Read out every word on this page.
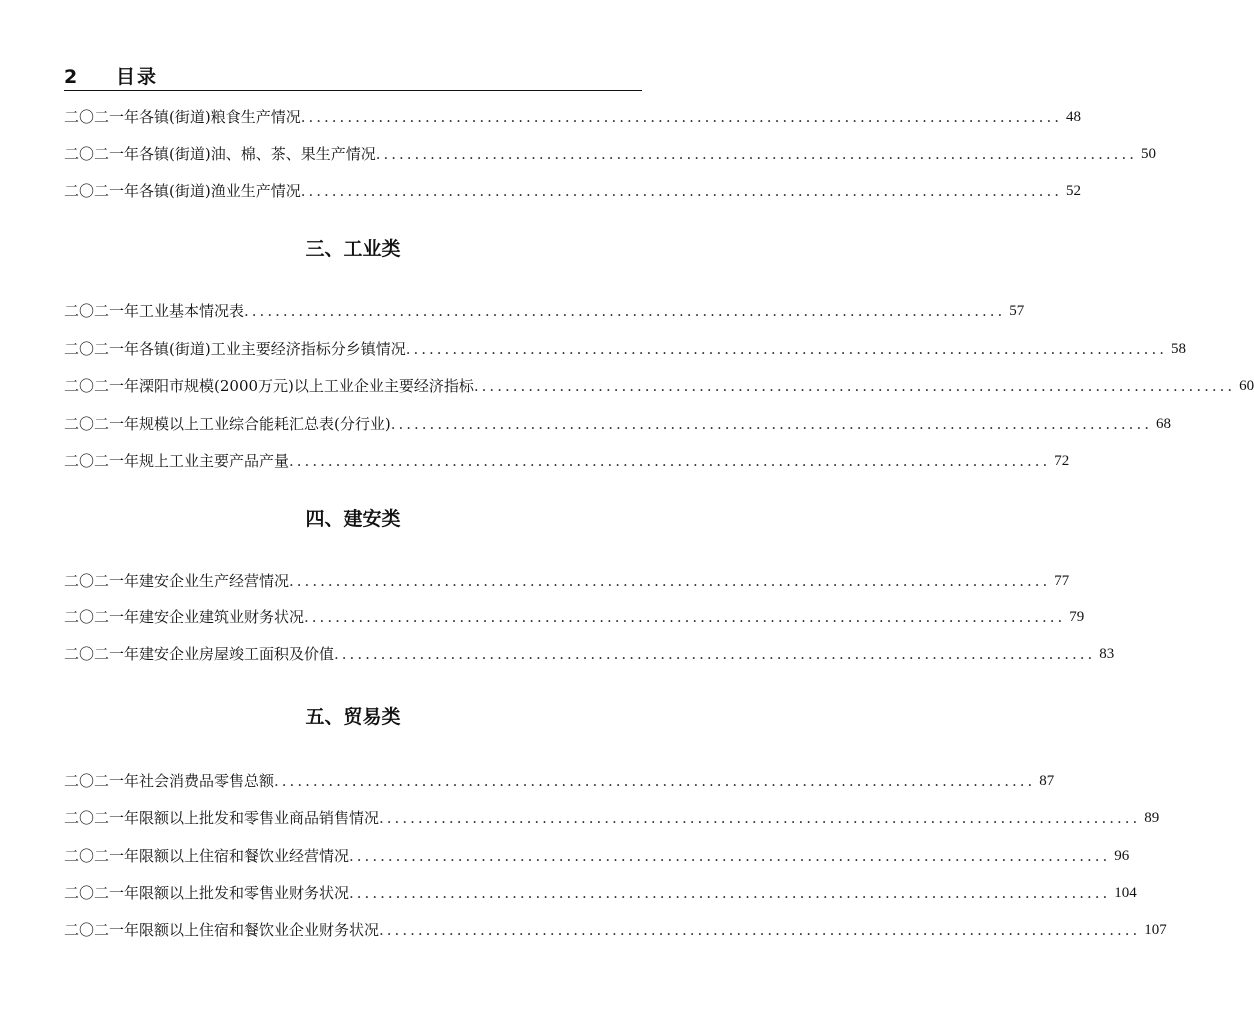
2 目录
二〇二一年各镇(街道)粮食生产情况 .................................................................................................. 48
二〇二一年各镇(街道)油、棉、茶、果生产情况 .................................................................................................. 50
二〇二一年各镇(街道)渔业生产情况 .................................................................................................. 52
三、工业类
二〇二一年工业基本情况表 .................................................................................................. 57
二〇二一年各镇(街道)工业主要经济指标分乡镇情况 .................................................................................................. 58
二〇二一年溧阳市规模(2000万元)以上工业企业主要经济指标 .................................................................................................. 60
二〇二一年规模以上工业综合能耗汇总表(分行业) .................................................................................................. 68
二〇二一年规上工业主要产品产量 .................................................................................................. 72
四、建安类
二〇二一年建安企业生产经营情况 .................................................................................................. 77
二〇二一年建安企业建筑业财务状况 .................................................................................................. 79
二〇二一年建安企业房屋竣工面积及价值 .................................................................................................. 83
五、贸易类
二〇二一年社会消费品零售总额 .................................................................................................. 87
二〇二一年限额以上批发和零售业商品销售情况 .................................................................................................. 89
二〇二一年限额以上住宿和餐饮业经营情况 .................................................................................................. 96
二〇二一年限额以上批发和零售业财务状况 .................................................................................................. 104
二〇二一年限额以上住宿和餐饮业企业财务状况 .................................................................................................. 107
